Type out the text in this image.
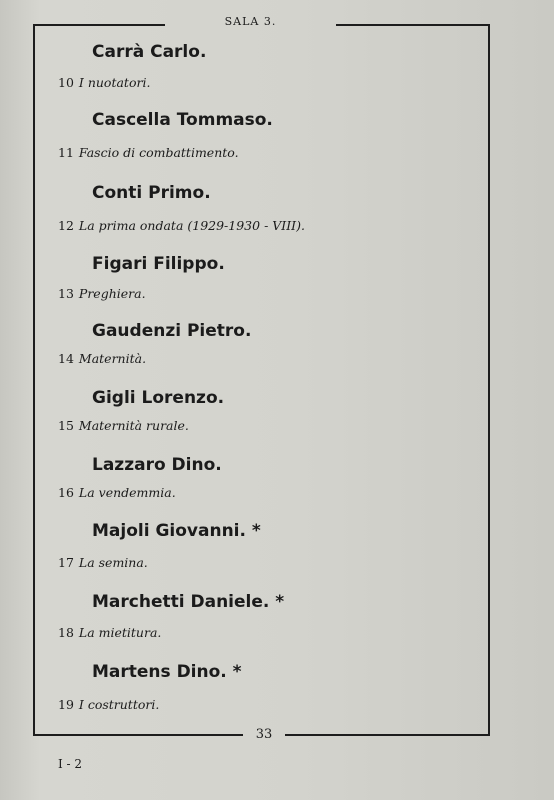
SALA 3.
Carrà Carlo.
10 I nuotatori.
Cascella Tommaso.
11 Fascio di combattimento.
Conti Primo.
12 La prima ondata (1929-1930 - VIII).
Figari Filippo.
13 Preghiera.
Gaudenzi Pietro.
14 Maternità.
Gigli Lorenzo.
15 Maternità rurale.
Lazzaro Dino.
16 La vendemmia.
Majoli Giovanni. *
17 La semina.
Marchetti Daniele. *
18 La mietitura.
Martens Dino. *
19 I costruttori.
33
I - 2
